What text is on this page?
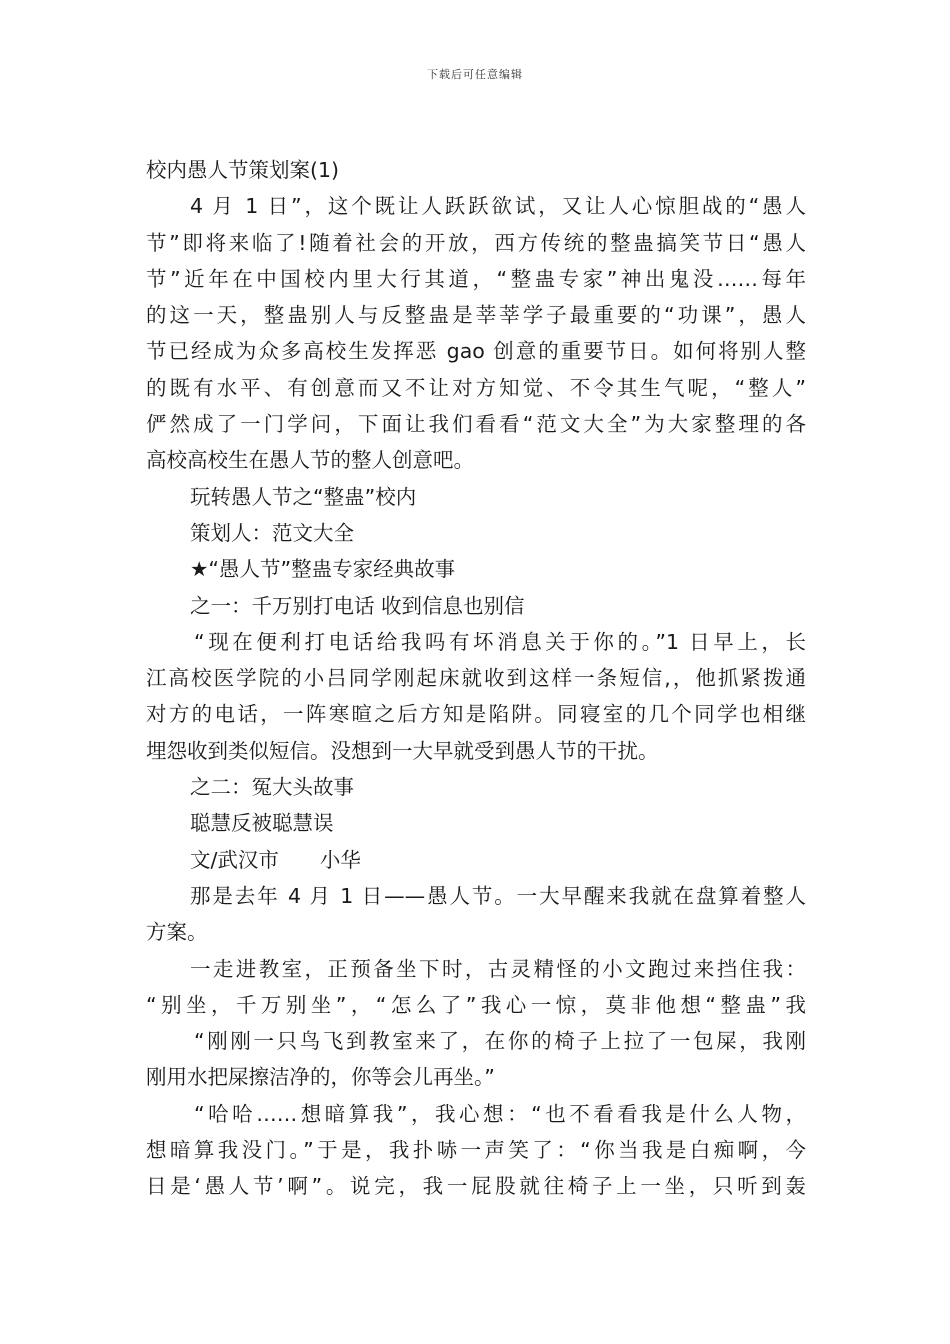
下载后可任意编辑
校内愚人节策划案(1)
4 月 1 日”，这个既让人跃跃欲试，又让人心惊胆战的“愚人
节”即将来临了!随着社会的开放，西方传统的整蛊搞笑节日“愚人
节”近年在中国校内里大行其道，“整蛊专家”神出鬼没……每年
的这一天，整蛊别人与反整蛊是莘莘学子最重要的“功课”，愚人
节已经成为众多高校生发挥恶 gao 创意的重要节日。如何将别人整
的既有水平、有创意而又不让对方知觉、不令其生气呢，“整人”
俨然成了一门学问，下面让我们看看“范文大全”为大家整理的各
高校高校生在愚人节的整人创意吧。
玩转愚人节之“整蛊”校内
策划人：范文大全
★“愚人节”整蛊专家经典故事
之一：千万别打电话 收到信息也别信
“现在便利打电话给我吗有坏消息关于你的。”1 日早上，长
江高校医学院的小吕同学刚起床就收到这样一条短信,，他抓紧拨通
对方的电话，一阵寒暄之后方知是陷阱。同寝室的几个同学也相继
埋怨收到类似短信。没想到一大早就受到愚人节的干扰。
之二：冤大头故事
聪慧反被聪慧误
文/武汉市　　小华
那是去年 4 月 1 日——愚人节。一大早醒来我就在盘算着整人
方案。
一走进教室，正预备坐下时，古灵精怪的小文跑过来挡住我：
“别坐，千万别坐”，“怎么了”我心一惊，莫非他想“整蛊”我
“刚刚一只鸟飞到教室来了，在你的椅子上拉了一包屎，我刚
刚用水把屎擦洁净的，你等会儿再坐。”
“哈哈……想暗算我”，我心想：“也不看看我是什么人物，
想暗算我没门。”于是，我扑哧一声笑了：“你当我是白痴啊，今
日是‘愚人节’啊”。说完，我一屁股就往椅子上一坐，只听到轰
